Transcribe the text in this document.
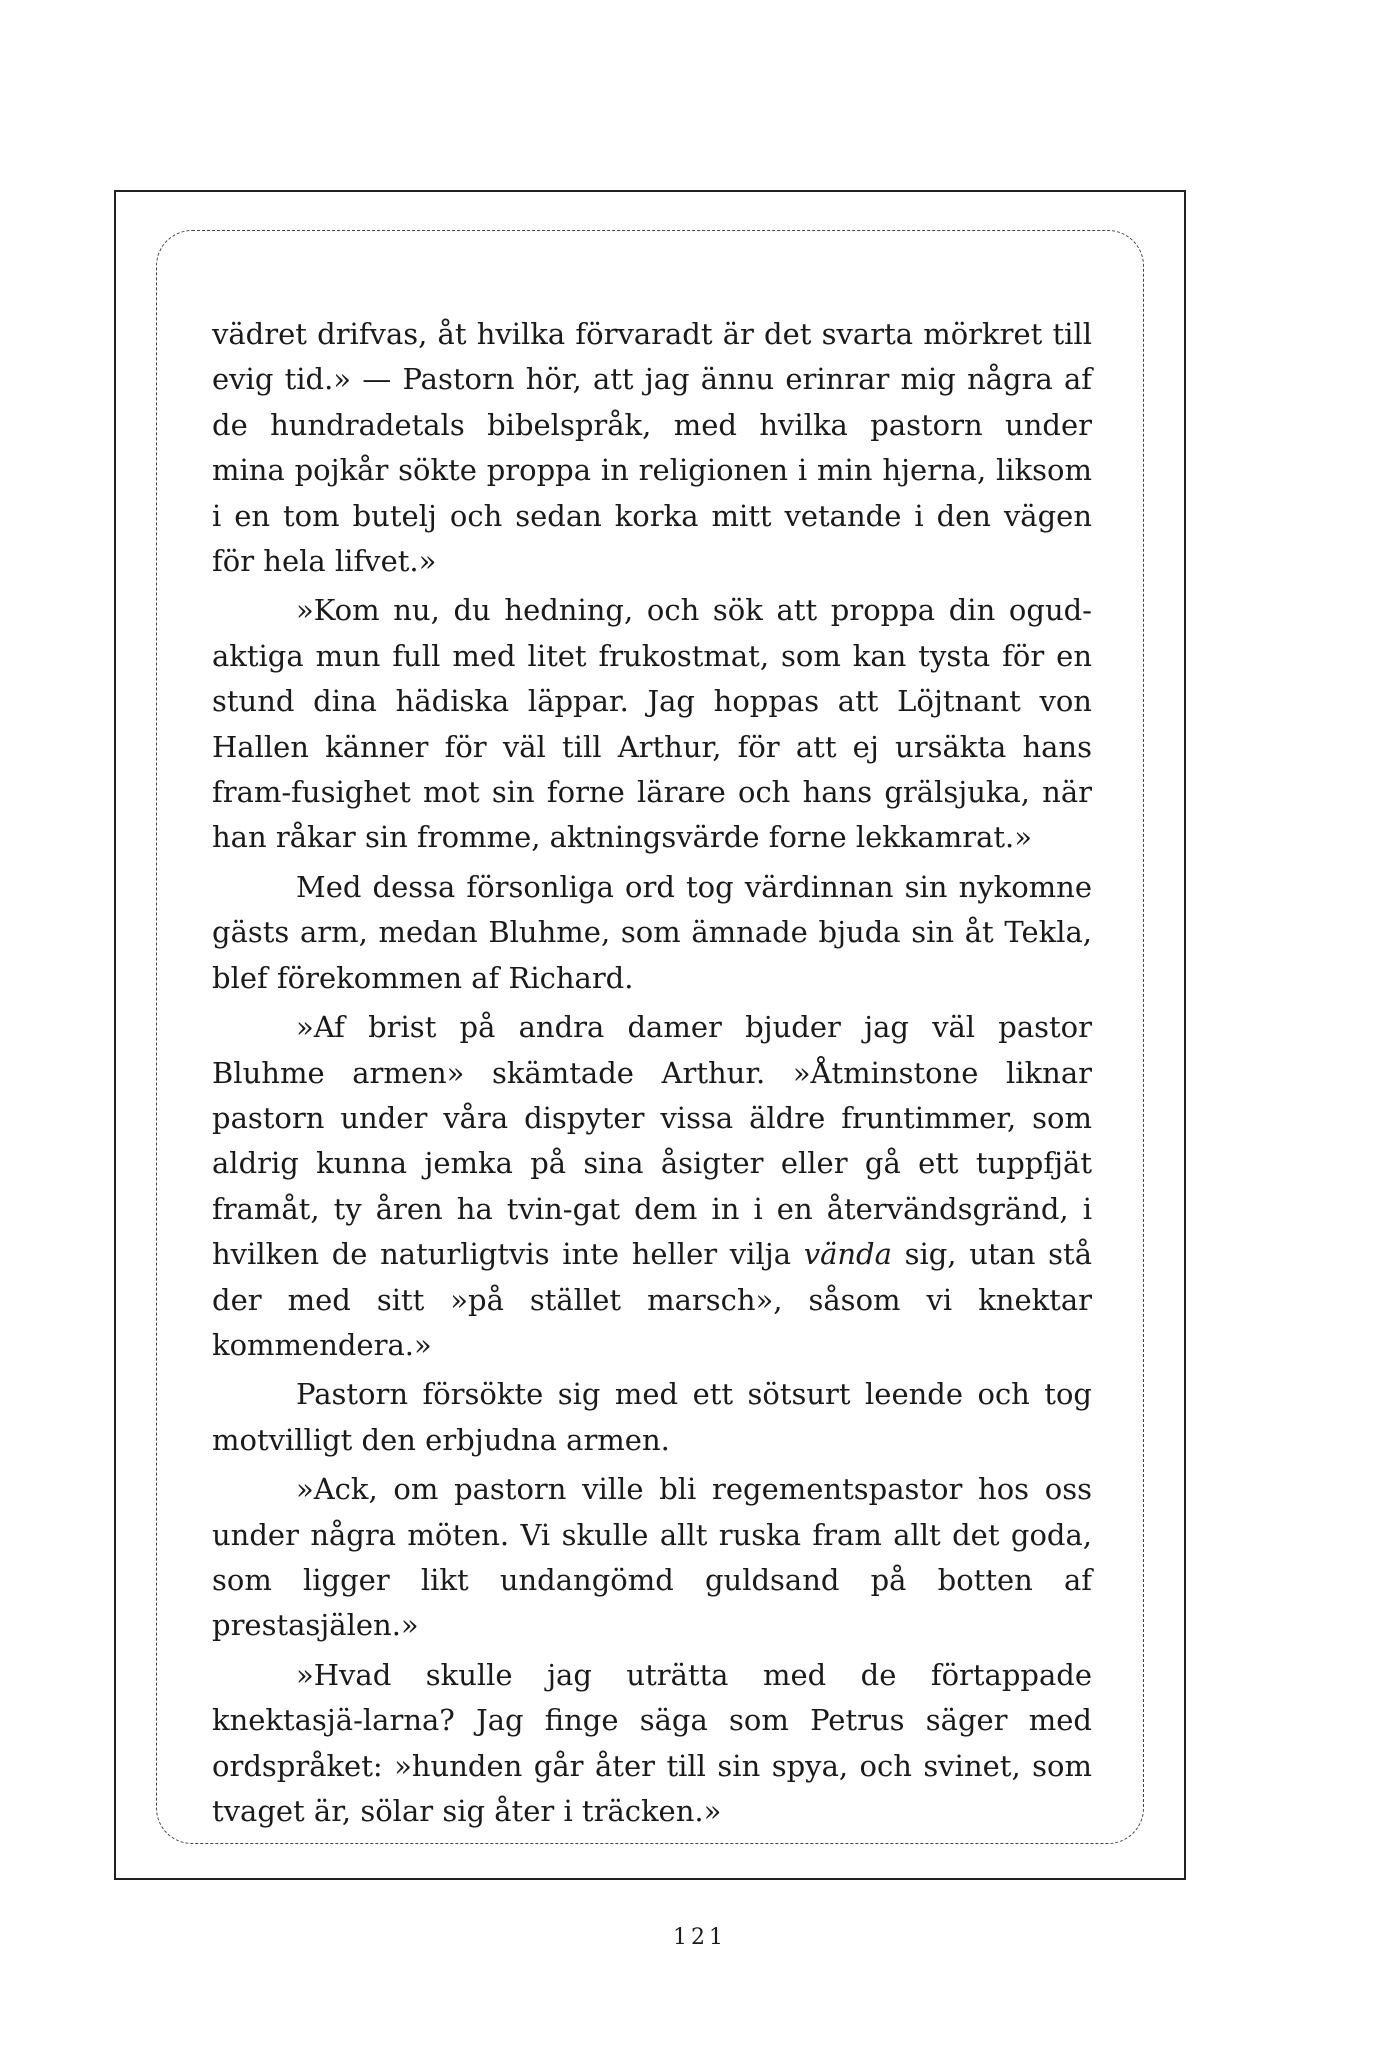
vädret drifvas, åt hvilka förvaradt är det svarta mörkret till evig tid.» — Pastorn hör, att jag ännu erinrar mig några af de hundradetals bibelspråk, med hvilka pastorn under mina pojkår sökte proppa in religionen i min hjerna, liksom i en tom butelj och sedan korka mitt vetande i den vägen för hela lifvet.»

»Kom nu, du hedning, och sök att proppa din ogud-aktiga mun full med litet frukostmat, som kan tysta för en stund dina hädiska läppar. Jag hoppas att Löjtnant von Hallen känner för väl till Arthur, för att ej ursäkta hans fram-fusighet mot sin forne lärare och hans grälsjuka, när han råkar sin fromme, aktningsvärde forne lekkamrat.»

Med dessa försonliga ord tog värdinnan sin nykomne gästs arm, medan Bluhme, som ämnade bjuda sin åt Tekla, blef förekommen af Richard.

»Af brist på andra damer bjuder jag väl pastor Bluhme armen» skämtade Arthur. »Åtminstone liknar pastorn under våra dispyter vissa äldre fruntimmer, som aldrig kunna jemka på sina åsigter eller gå ett tuppfjät framåt, ty åren ha tvin-gat dem in i en återvändsgränd, i hvilken de naturligtvis inte heller vilja vända sig, utan stå der med sitt »på stället marsch», såsom vi knektar kommendera.»

Pastorn försökte sig med ett sötsurt leende och tog motvilligt den erbjudna armen.

»Ack, om pastorn ville bli regementspastor hos oss under några möten. Vi skulle allt ruska fram allt det goda, som ligger likt undangömd guldsand på botten af prestasjälen.»

»Hvad skulle jag uträtta med de förtappade knektasjä-larna? Jag finge säga som Petrus säger med ordspråket: »hunden går åter till sin spya, och svinet, som tvaget är, sölar sig åter i träcken.»

121
